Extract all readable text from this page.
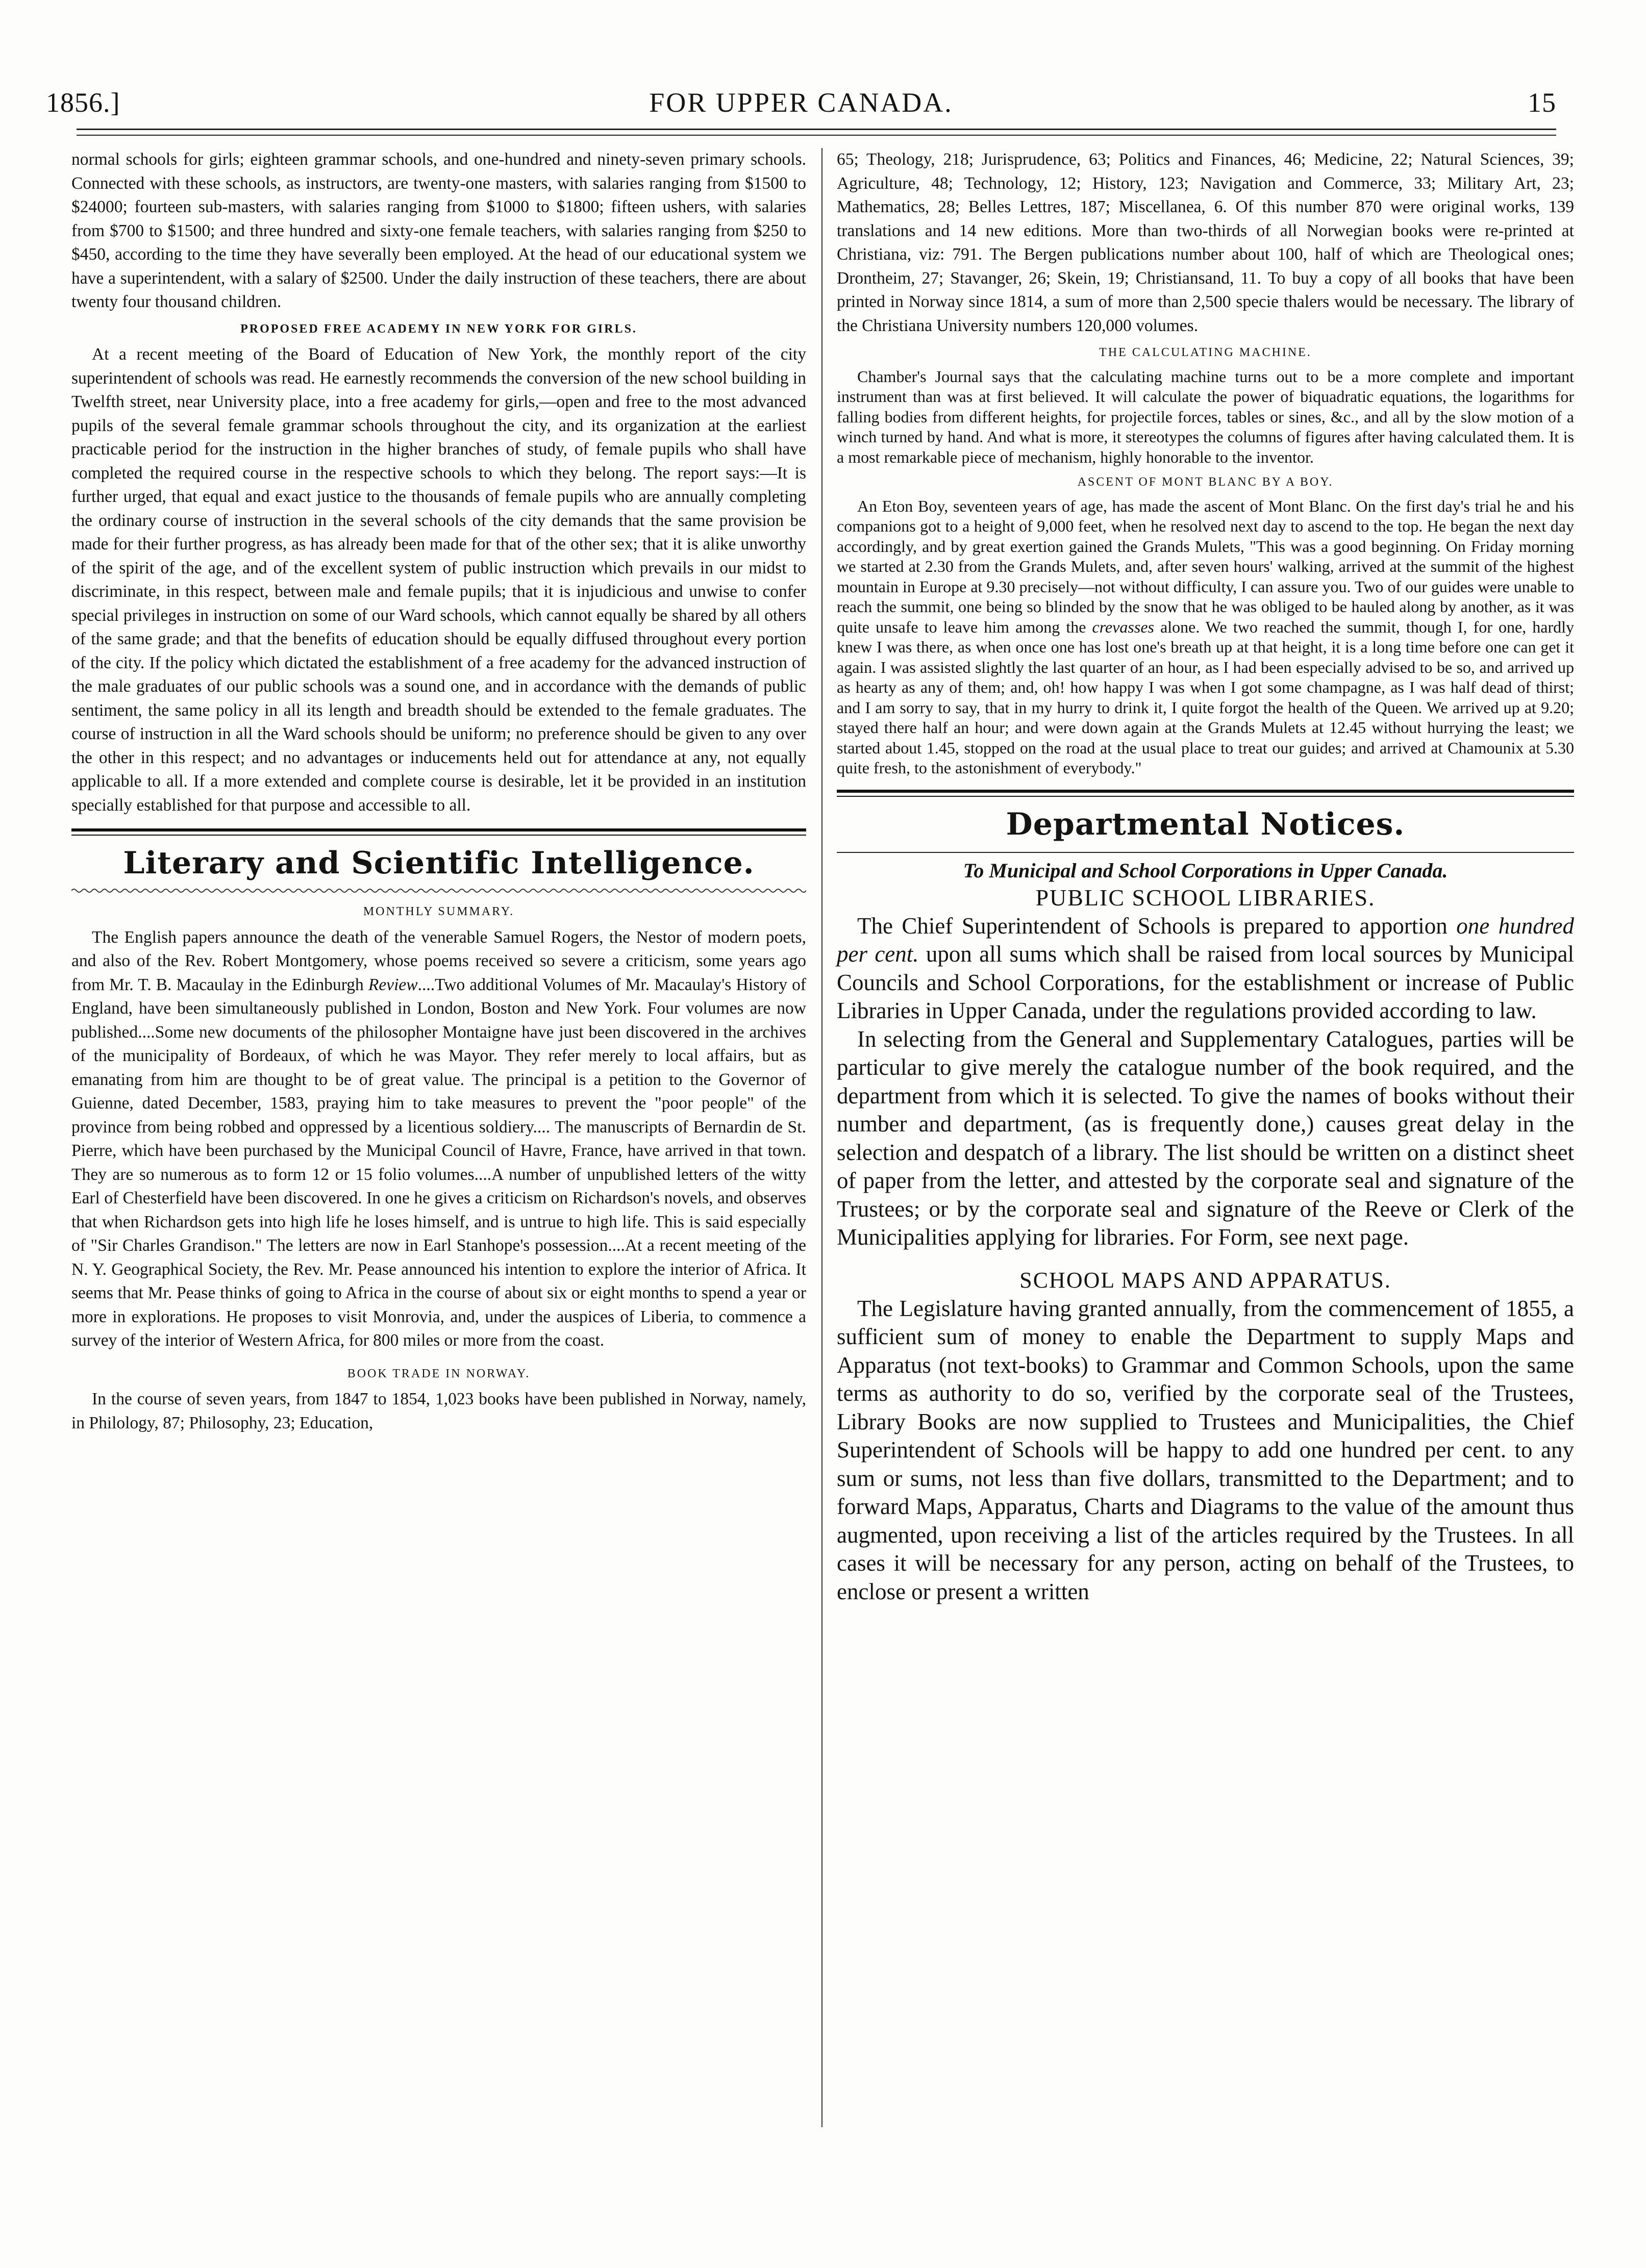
1856.]	FOR UPPER CANADA.	15

normal schools for girls; eighteen grammar schools, and one-hundred and ninety-seven primary schools. Connected with these schools, as instructors, are twenty-one masters, with salaries ranging from $1500 to $24000; fourteen sub-masters, with salaries ranging from $1000 to $1800; fifteen ushers, with salaries from $700 to $1500; and three hundred and sixty-one female teachers, with salaries ranging from $250 to $450, according to the time they have severally been employed. At the head of our educational system we have a superintendent, with a salary of $2500. Under the daily instruction of these teachers, there are about twenty four thousand children.

PROPOSED FREE ACADEMY IN NEW YORK FOR GIRLS.

At a recent meeting of the Board of Education of New York, the monthly report of the city superintendent of schools was read. He earnestly recommends the conversion of the new school building in Twelfth street, near University place, into a free academy for girls,—open and free to the most advanced pupils of the several female grammar schools throughout the city, and its organization at the earliest practicable period for the instruction in the higher branches of study, of female pupils who shall have completed the required course in the respective schools to which they belong. The report says:—It is further urged, that equal and exact justice to the thousands of female pupils who are annually completing the ordinary course of instruction in the several schools of the city demands that the same provision be made for their further progress, as has already been made for that of the other sex; that it is alike unworthy of the spirit of the age, and of the excellent system of public instruction which prevails in our midst to discriminate, in this respect, between male and female pupils; that it is injudicious and unwise to confer special privileges in instruction on some of our Ward schools, which cannot equally be shared by all others of the same grade; and that the benefits of education should be equally diffused throughout every portion of the city. If the policy which dictated the establishment of a free academy for the advanced instruction of the male graduates of our public schools was a sound one, and in accordance with the demands of public sentiment, the same policy in all its length and breadth should be extended to the female graduates. The course of instruction in all the Ward schools should be uniform; no preference should be given to any over the other in this respect; and no advantages or inducements held out for attendance at any, not equally applicable to all. If a more extended and complete course is desirable, let it be provided in an institution specially established for that purpose and accessible to all.

Literary and Scientific Intelligence.
MONTHLY SUMMARY.

The English papers announce the death of the venerable Samuel Rogers, the Nestor of modern poets, and also of the Rev. Robert Montgomery, whose poems received so severe a criticism, some years ago from Mr. T. B. Macaulay in the Edinburgh Review....Two additional Volumes of Mr. Macaulay's History of England, have been simultaneously published in London, Boston and New York. Four volumes are now published....Some new documents of the philosopher Montaigne have just been discovered in the archives of the municipality of Bordeaux, of which he was Mayor. They refer merely to local affairs, but as emanating from him are thought to be of great value. The principal is a petition to the Governor of Guienne, dated December, 1583, praying him to take measures to prevent the "poor people" of the province from being robbed and oppressed by a licentious soldiery.... The manuscripts of Bernardin de St. Pierre, which have been purchased by the Municipal Council of Havre, France, have arrived in that town. They are so numerous as to form 12 or 15 folio volumes....A number of unpublished letters of the witty Earl of Chesterfield have been discovered. In one he gives a criticism on Richardson's novels, and observes that when Richardson gets into high life he loses himself, and is untrue to high life. This is said especially of "Sir Charles Grandison." The letters are now in Earl Stanhope's possession....At a recent meeting of the N. Y. Geographical Society, the Rev. Mr. Pease announced his intention to explore the interior of Africa. It seems that Mr. Pease thinks of going to Africa in the course of about six or eight months to spend a year or more in explorations. He proposes to visit Monrovia, and, under the auspices of Liberia, to commence a survey of the interior of Western Africa, for 800 miles or more from the coast.

BOOK TRADE IN NORWAY.

In the course of seven years, from 1847 to 1854, 1,023 books have been published in Norway, namely, in Philology, 87; Philosophy, 23; Education,

65; Theology, 218; Jurisprudence, 63; Politics and Finances, 46; Medicine, 22; Natural Sciences, 39; Agriculture, 48; Technology, 12; History, 123; Navigation and Commerce, 33; Military Art, 23; Mathematics, 28; Belles Lettres, 187; Miscellanea, 6. Of this number 870 were original works, 139 translations and 14 new editions. More than two-thirds of all Norwegian books were re-printed at Christiana, viz: 791. The Bergen publications number about 100, half of which are Theological ones; Drontheim, 27; Stavanger, 26; Skein, 19; Christiansand, 11. To buy a copy of all books that have been printed in Norway since 1814, a sum of more than 2,500 specie thalers would be necessary. The library of the Christiana University numbers 120,000 volumes.

THE CALCULATING MACHINE.

Chamber's Journal says that the calculating machine turns out to be a more complete and important instrument than was at first believed. It will calculate the power of biquadratic equations, the logarithms for falling bodies from different heights, for projectile forces, tables or sines, &c., and all by the slow motion of a winch turned by hand. And what is more, it stereotypes the columns of figures after having calculated them. It is a most remarkable piece of mechanism, highly honorable to the inventor.

ASCENT OF MONT BLANC BY A BOY.

An Eton Boy, seventeen years of age, has made the ascent of Mont Blanc. On the first day's trial he and his companions got to a height of 9,000 feet, when he resolved next day to ascend to the top. He began the next day accordingly, and by great exertion gained the Grands Mulets, "This was a good beginning. On Friday morning we started at 2.30 from the Grands Mulets, and, after seven hours' walking, arrived at the summit of the highest mountain in Europe at 9.30 precisely—not without difficulty, I can assure you. Two of our guides were unable to reach the summit, one being so blinded by the snow that he was obliged to be hauled along by another, as it was quite unsafe to leave him among the crevasses alone. We two reached the summit, though I, for one, hardly knew I was there, as when once one has lost one's breath up at that height, it is a long time before one can get it again. I was assisted slightly the last quarter of an hour, as I had been especially advised to be so, and arrived up as hearty as any of them; and, oh! how happy I was when I got some champagne, as I was half dead of thirst; and I am sorry to say, that in my hurry to drink it, I quite forgot the health of the Queen. We arrived up at 9.20; stayed there half an hour; and were down again at the Grands Mulets at 12.45 without hurrying the least; we started about 1.45, stopped on the road at the usual place to treat our guides; and arrived at Chamounix at 5.30 quite fresh, to the astonishment of everybody."

Departmental Notices.
To Municipal and School Corporations in Upper Canada.
PUBLIC SCHOOL LIBRARIES.

The Chief Superintendent of Schools is prepared to apportion one hundred per cent. upon all sums which shall be raised from local sources by Municipal Councils and School Corporations, for the establishment or increase of Public Libraries in Upper Canada, under the regulations provided according to law.

In selecting from the General and Supplementary Catalogues, parties will be particular to give merely the catalogue number of the book required, and the department from which it is selected. To give the names of books without their number and department, (as is frequently done,) causes great delay in the selection and despatch of a library. The list should be written on a distinct sheet of paper from the letter, and attested by the corporate seal and signature of the Trustees; or by the corporate seal and signature of the Reeve or Clerk of the Municipalities applying for libraries. For Form, see next page.

SCHOOL MAPS AND APPARATUS.

The Legislature having granted annually, from the commencement of 1855, a sufficient sum of money to enable the Department to supply Maps and Apparatus (not text-books) to Grammar and Common Schools, upon the same terms as authority to do so, verified by the corporate seal of the Trustees, Library Books are now supplied to Trustees and Municipalities, the Chief Superintendent of Schools will be happy to add one hundred per cent. to any sum or sums, not less than five dollars, transmitted to the Department; and to forward Maps, Apparatus, Charts and Diagrams to the value of the amount thus augmented, upon receiving a list of the articles required by the Trustees. In all cases it will be necessary for any person, acting on behalf of the Trustees, to enclose or present a written
